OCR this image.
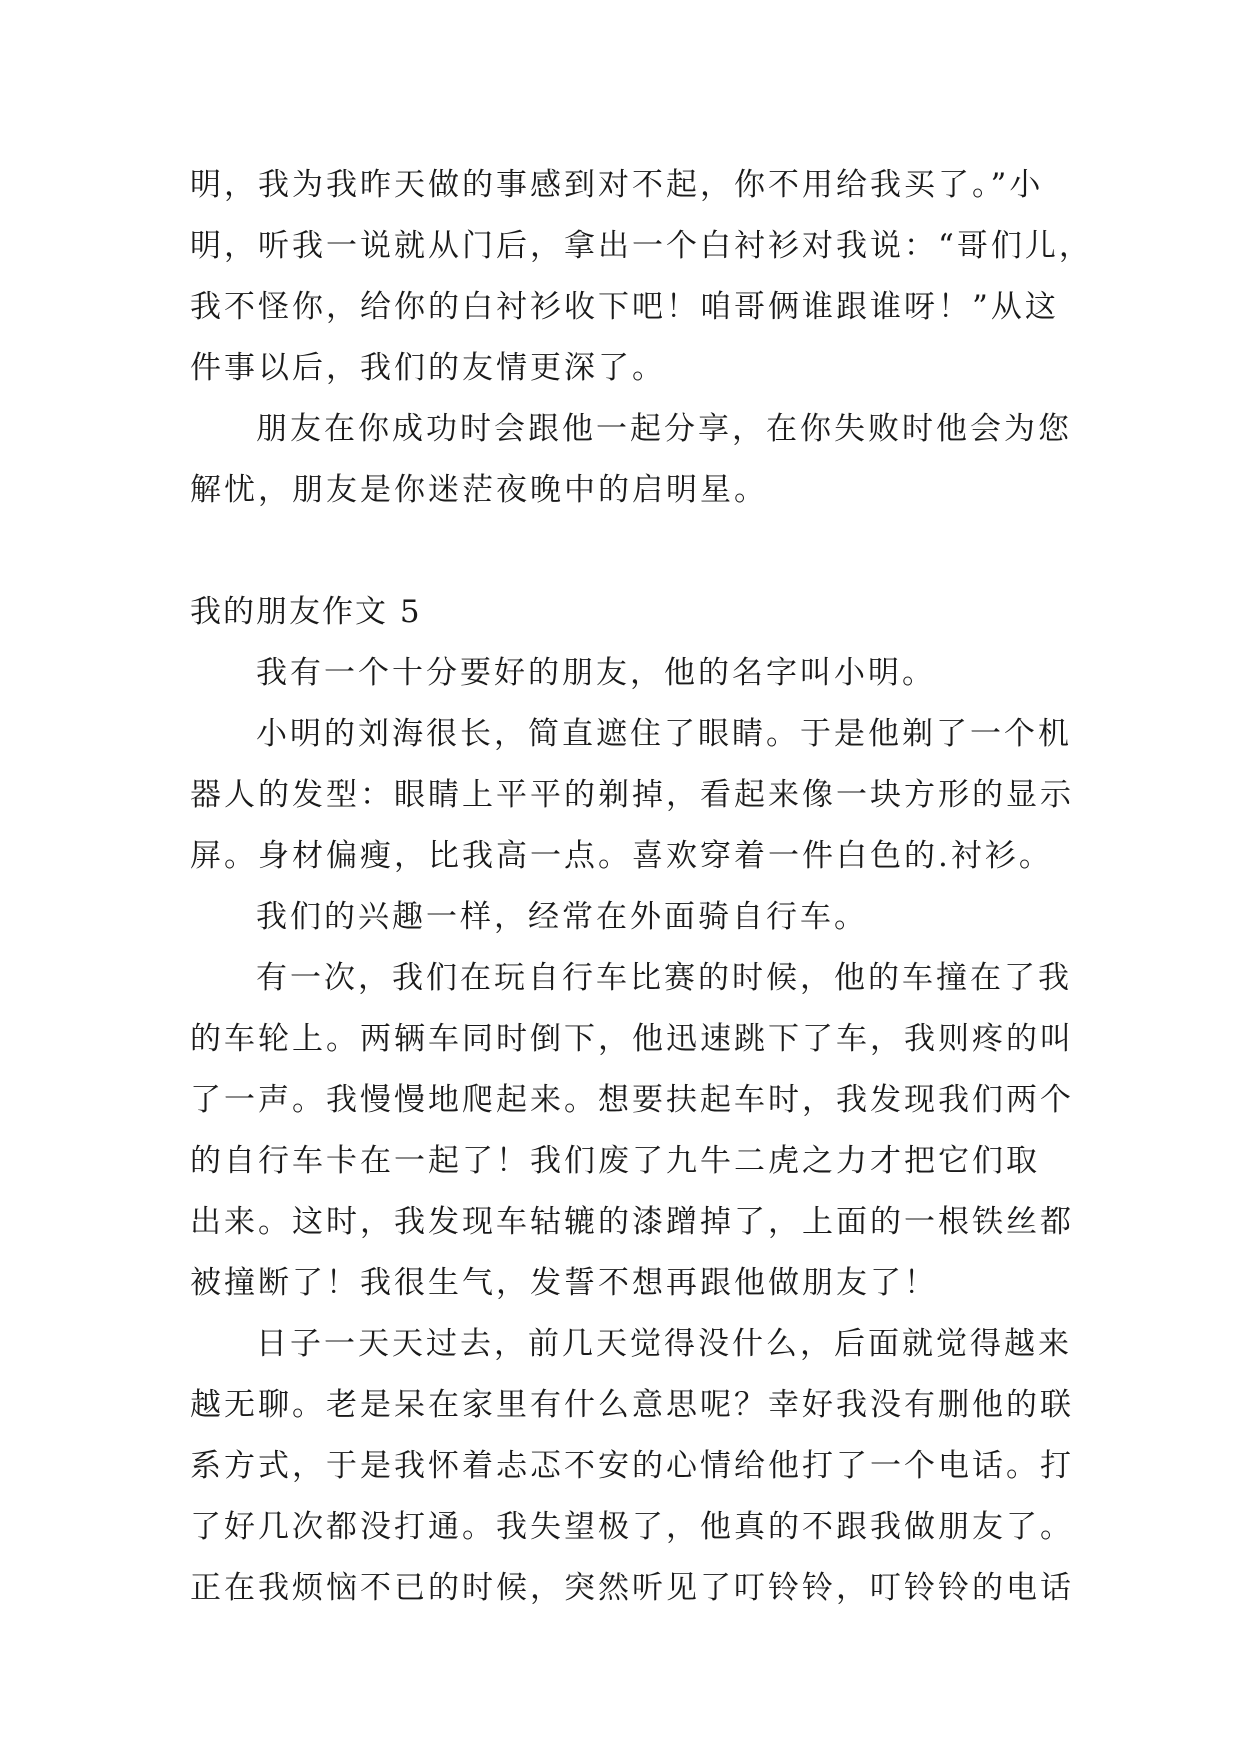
明，我为我昨天做的事感到对不起，你不用给我买了。”小
明，听我一说就从门后，拿出一个白衬衫对我说：“哥们儿，
我不怪你，给你的白衬衫收下吧！咱哥俩谁跟谁呀！”从这
件事以后，我们的友情更深了。
朋友在你成功时会跟他一起分享，在你失败时他会为您
解忧，朋友是你迷茫夜晚中的启明星。
我的朋友作文 5
我有一个十分要好的朋友，他的名字叫小明。
小明的刘海很长，简直遮住了眼睛。于是他剃了一个机
器人的发型：眼睛上平平的剃掉，看起来像一块方形的显示
屏。身材偏瘦，比我高一点。喜欢穿着一件白色的.衬衫。
我们的兴趣一样，经常在外面骑自行车。
有一次，我们在玩自行车比赛的时候，他的车撞在了我
的车轮上。两辆车同时倒下，他迅速跳下了车，我则疼的叫
了一声。我慢慢地爬起来。想要扶起车时，我发现我们两个
的自行车卡在一起了！我们废了九牛二虎之力才把它们取
出来。这时，我发现车轱辘的漆蹭掉了，上面的一根铁丝都
被撞断了！我很生气，发誓不想再跟他做朋友了！
日子一天天过去，前几天觉得没什么，后面就觉得越来
越无聊。老是呆在家里有什么意思呢？幸好我没有删他的联
系方式，于是我怀着忐忑不安的心情给他打了一个电话。打
了好几次都没打通。我失望极了，他真的不跟我做朋友了。
正在我烦恼不已的时候，突然听见了叮铃铃，叮铃铃的电话
